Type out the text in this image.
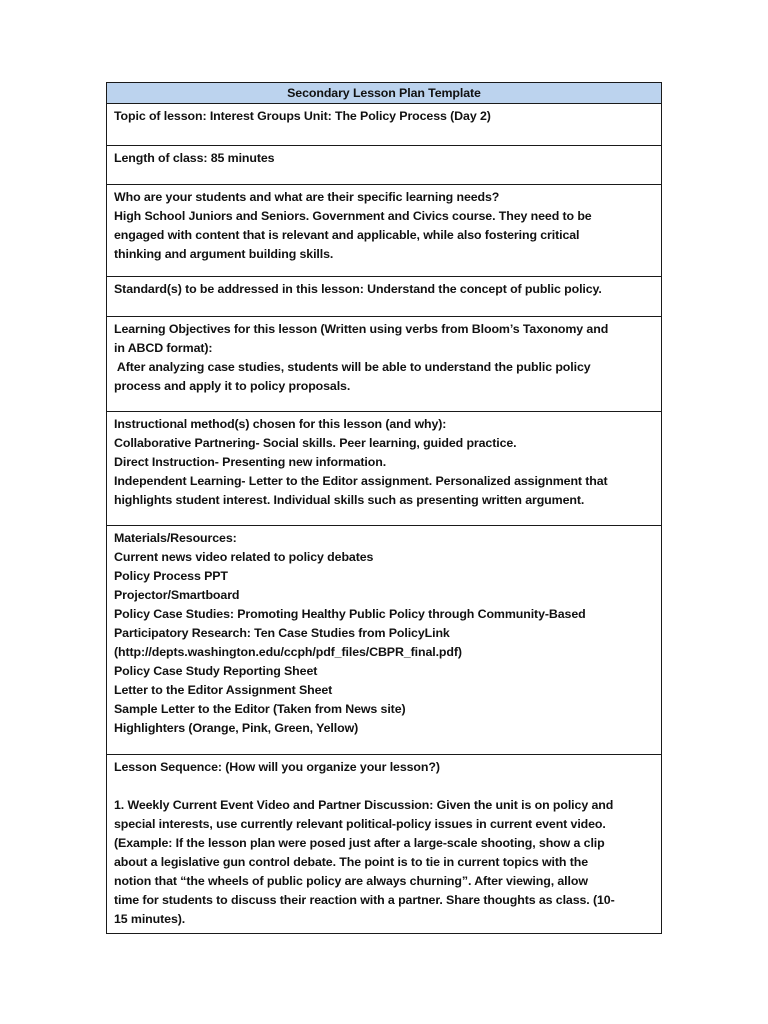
Secondary Lesson Plan Template
Topic of lesson: Interest Groups Unit: The Policy Process (Day 2)
Length of class: 85 minutes

Who are your students and what are their specific learning needs?
High School Juniors and Seniors. Government and Civics course. They need to be
engaged with content that is relevant and applicable, while also fostering critical
thinking and argument building skills.

Standard(s) to be addressed in this lesson: Understand the concept of public policy.

Learning Objectives for this lesson (Written using verbs from Bloom’s Taxonomy and
in ABCD format):
After analyzing case studies, students will be able to understand the public policy
process and apply it to policy proposals.

Instructional method(s) chosen for this lesson (and why):
Collaborative Partnering- Social skills. Peer learning, guided practice.
Direct Instruction- Presenting new information.
Independent Learning- Letter to the Editor assignment. Personalized assignment that
highlights student interest. Individual skills such as presenting written argument.

Materials/Resources:
Current news video related to policy debates
Policy Process PPT
Projector/Smartboard
Policy Case Studies: Promoting Healthy Public Policy through Community-Based
Participatory Research: Ten Case Studies from PolicyLink
(http://depts.washington.edu/ccph/pdf_files/CBPR_final.pdf)
Policy Case Study Reporting Sheet
Letter to the Editor Assignment Sheet
Sample Letter to the Editor (Taken from News site)
Highlighters (Orange, Pink, Green, Yellow)

Lesson Sequence: (How will you organize your lesson?)
1. Weekly Current Event Video and Partner Discussion: Given the unit is on policy and
special interests, use currently relevant political-policy issues in current event video.
(Example: If the lesson plan were posed just after a large-scale shooting, show a clip
about a legislative gun control debate. The point is to tie in current topics with the
notion that “the wheels of public policy are always churning”. After viewing, allow
time for students to discuss their reaction with a partner. Share thoughts as class. (10-
15 minutes).
